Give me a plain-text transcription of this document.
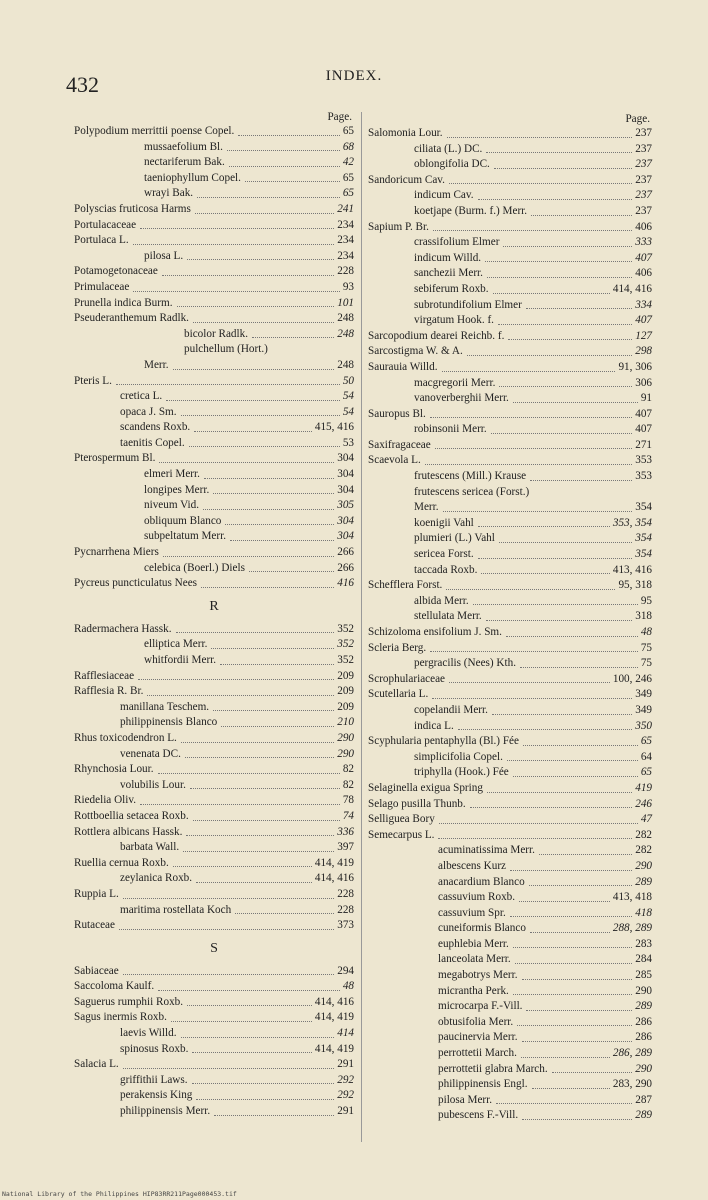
432	INDEX.
Page.
Polypodium merrittii poense Copel.	65
mussaefolium Bl.	68
nectariferum Bak.	42
taeniophyllum Copel.	65
wrayi Bak.	65
Polyscias fruticosa Harms	241
Portulacaceae	234
Portulaca L.	234
pilosa L.	234
Potamogetonaceae	228
Primulaceae	93
Prunella indica Burm.	101
Pseuderanthemum Radlk.	248
bicolor Radlk.	248
pulchellum (Hort.)
Merr.	248
Pteris L.	50
cretica L.	54
opaca J. Sm.	54
scandens Roxb.	415, 416
taenitis Copel.	53
Pterospermum Bl.	304
elmeri Merr.	304
longipes Merr.	304
niveum Vid.	305
obliquum Blanco	304
subpeltatum Merr.	304
Pycnarrhena Miers	266
celebica (Boerl.) Diels	266
Pycreus puncticulatus Nees	416
R
Radermachera Hassk.	352
elliptica Merr.	352
whitfordii Merr.	352
Rafflesiaceae	209
Rafflesia R. Br.	209
manillana Teschem.	209
philippinensis Blanco	210
Rhus toxicodendron L.	290
venenata DC.	290
Rhynchosia Lour.	82
volubilis Lour.	82
Riedelia Oliv.	78
Rottboellia setacea Roxb.	74
Rottlera albicans Hassk.	336
barbata Wall.	397
Ruellia cernua Roxb.	414, 419
zeylanica Roxb.	414, 416
Ruppia L.	228
maritima rostellata Koch	228
Rutaceae	373
S
Sabiaceae	294
Saccoloma Kaulf.	48
Saguerus rumphii Roxb.	414, 416
Sagus inermis Roxb.	414, 419
laevis Willd.	414
spinosus Roxb.	414, 419
Salacia L.	291
griffithii Laws.	292
perakensis King	292
philippinensis Merr.	291
Page.
Salomonia Lour.	237
ciliata (L.) DC.	237
oblongifolia DC.	237
Sandoricum Cav.	237
indicum Cav.	237
koetjape (Burm. f.) Merr.	237
Sapium P. Br.	406
crassifolium Elmer	333
indicum Willd.	407
sanchezii Merr.	406
sebiferum Roxb.	414, 416
subrotundifolium Elmer	334
virgatum Hook. f.	407
Sarcopodium dearei Reichb. f.	127
Sarcostigma W. & A.	298
Saurauia Willd.	91, 306
macgregorii Merr.	306
vanoverberghii Merr.	91
Sauropus Bl.	407
robinsonii Merr.	407
Saxifragaceae	271
Scaevola L.	353
frutescens (Mill.) Krause	353
frutescens sericea (Forst.)
Merr.	354
koenigii Vahl	353, 354
plumieri (L.) Vahl	354
sericea Forst.	354
taccada Roxb.	413, 416
Schefflera Forst.	95, 318
albida Merr.	95
stellulata Merr.	318
Schizoloma ensifolium J. Sm.	48
Scleria Berg.	75
pergracilis (Nees) Kth.	75
Scrophulariaceae	100, 246
Scutellaria L.	349
copelandii Merr.	349
indica L.	350
Scyphularia pentaphylla (Bl.) Fée	65
simplicifolia Copel.	64
triphylla (Hook.) Fée	65
Selaginella exigua Spring	419
Selago pusilla Thunb.	246
Selliguea Bory	47
Semecarpus L.	282
acuminatissima Merr.	282
albescens Kurz	290
anacardium Blanco	289
cassuvium Roxb.	413, 418
cassuvium Spr.	418
cuneiformis Blanco	288, 289
euphlebia Merr.	283
lanceolata Merr.	284
megabotrys Merr.	285
micrantha Perk.	290
microcarpa F.-Vill.	289
obtusifolia Merr.	286
paucinervia Merr.	286
perrottetii March.	286, 289
perrottetii glabra March.	290
philippinensis Engl.	283, 290
pilosa Merr.	287
pubescens F.-Vill.	289
National Library of the Philippines HIP83RR211Page000453.tif
